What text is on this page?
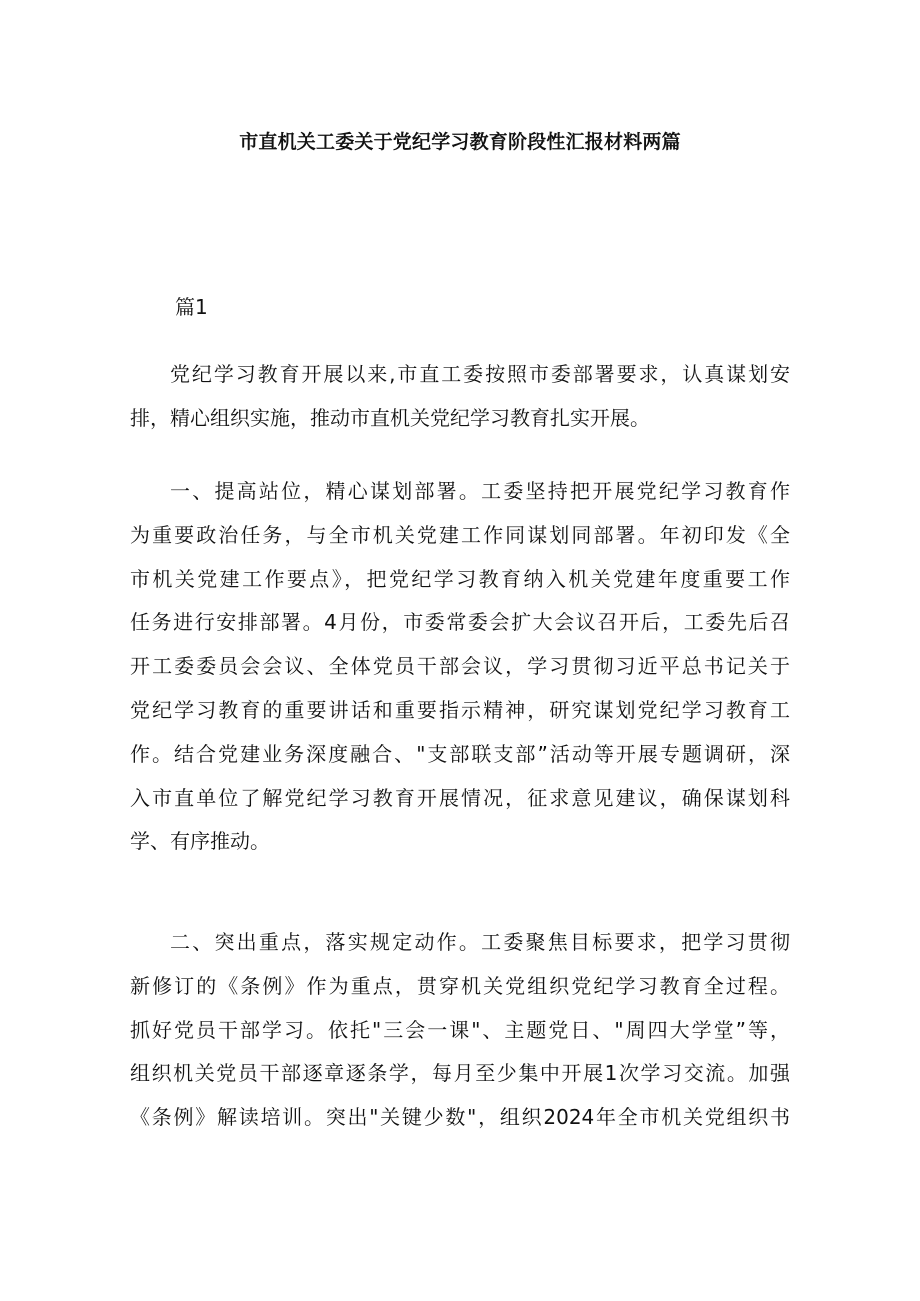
市直机关工委关于党纪学习教育阶段性汇报材料两篇
篇1
党纪学习教育开展以来,市直工委按照市委部署要求，认真谋划安
排，精心组织实施，推动市直机关党纪学习教育扎实开展。
一、提高站位，精心谋划部署。工委坚持把开展党纪学习教育作
为重要政治任务，与全市机关党建工作同谋划同部署。年初印发《全
市机关党建工作要点》，把党纪学习教育纳入机关党建年度重要工作
任务进行安排部署。4月份，市委常委会扩大会议召开后，工委先后召
开工委委员会会议、全体党员干部会议，学习贯彻习近平总书记关于
党纪学习教育的重要讲话和重要指示精神，研究谋划党纪学习教育工
作。结合党建业务深度融合、"支部联支部”活动等开展专题调研，深
入市直单位了解党纪学习教育开展情况，征求意见建议，确保谋划科
学、有序推动。
二、突出重点，落实规定动作。工委聚焦目标要求，把学习贯彻
新修订的《条例》作为重点，贯穿机关党组织党纪学习教育全过程。
抓好党员干部学习。依托"三会一课"、主题党日、"周四大学堂”等，
组织机关党员干部逐章逐条学，每月至少集中开展1次学习交流。加强
《条例》解读培训。突出"关键少数"，组织2024年全市机关党组织书
